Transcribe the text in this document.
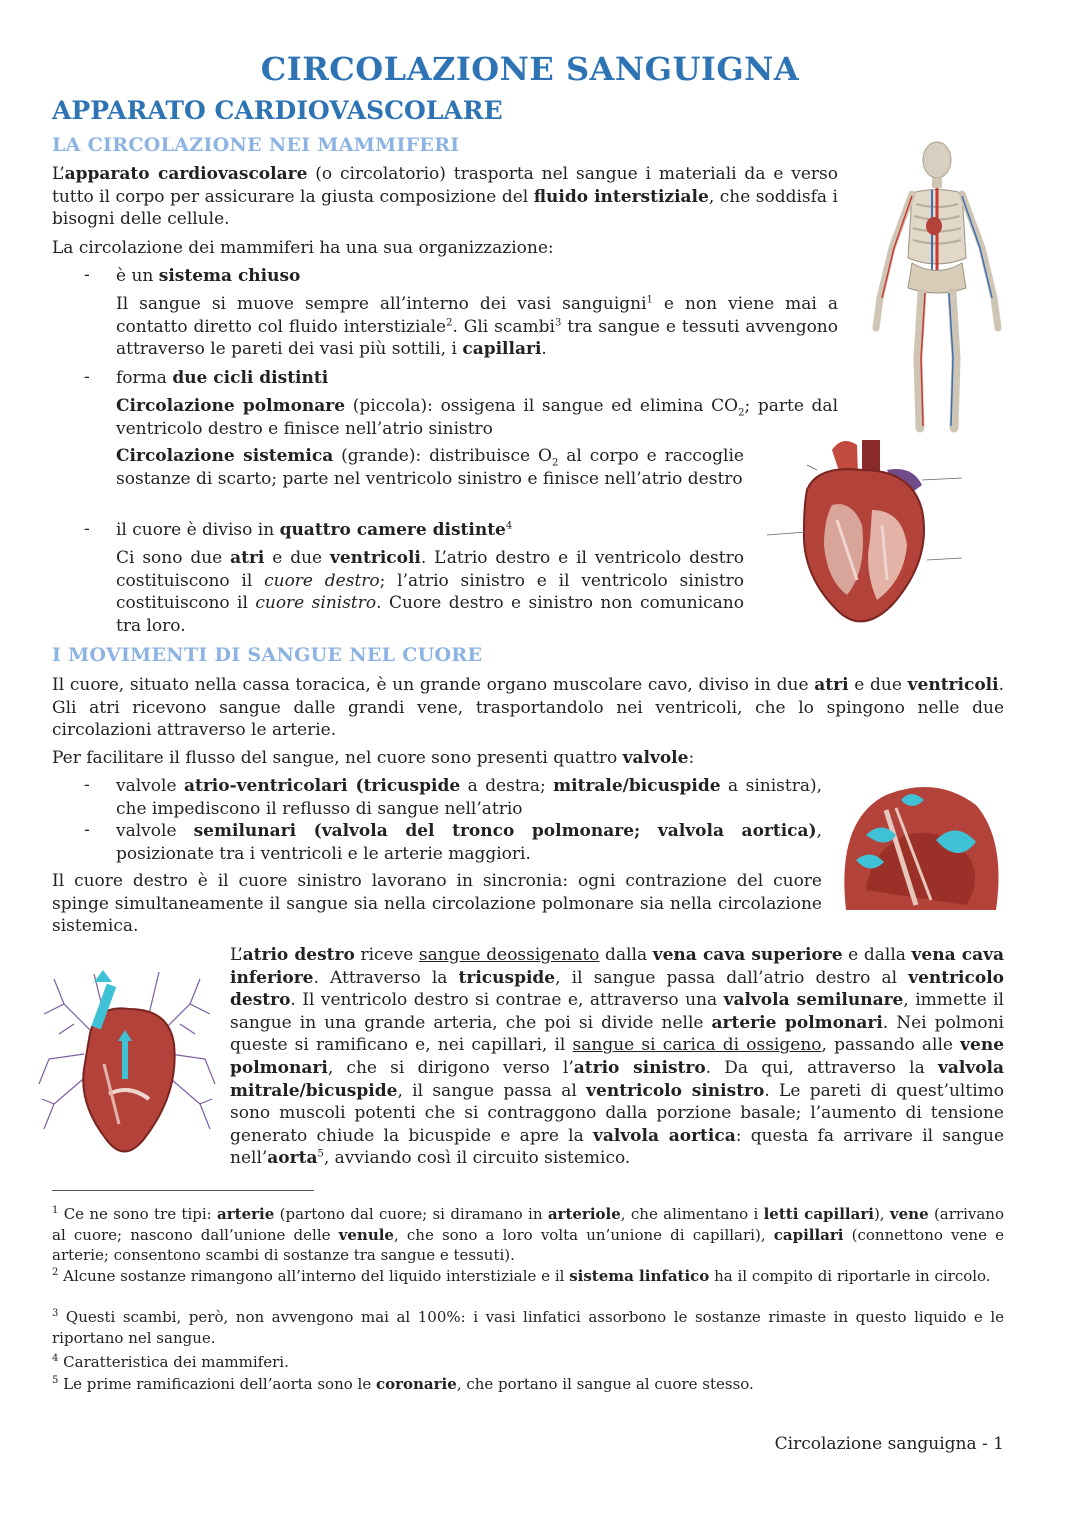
CIRCOLAZIONE SANGUIGNA
APPARATO CARDIOVASCOLARE
LA CIRCOLAZIONE NEI MAMMIFERI
L’apparato cardiovascolare (o circolatorio) trasporta nel sangue i materiali da e verso tutto il corpo per assicurare la giusta composizione del fluido interstiziale, che soddisfa i bisogni delle cellule.
La circolazione dei mammiferi ha una sua organizzazione:
- è un sistema chiuso
Il sangue si muove sempre all’interno dei vasi sanguigni$^1$ e non viene mai a contatto diretto col fluido interstiziale$^2$. Gli scambi$^3$ tra sangue e tessuti avvengono attraverso le pareti dei vasi più sottili, i capillari.
- forma due cicli distinti
Circolazione polmonare (piccola): ossigena il sangue ed elimina $CO_2$; parte dal ventricolo destro e finisce nell’atrio sinistro
Circolazione sistemica (grande): distribuisce $O_2$ al corpo e raccoglie sostanze di scarto; parte nel ventricolo sinistro e finisce nell’atrio destro
- il cuore è diviso in quattro camere distinte$^4$
Ci sono due atri e due ventricoli. L’atrio destro e il ventricolo destro costituiscono il cuore destro; l’atrio sinistro e il ventricolo sinistro costituiscono il cuore sinistro. Cuore destro e sinistro non comunicano tra loro.
I MOVIMENTI DI SANGUE NEL CUORE
Il cuore, situato nella cassa toracica, è un grande organo muscolare cavo, diviso in due atri e due ventricoli. Gli atri ricevono sangue dalle grandi vene, trasportandolo nei ventricoli, che lo spingono nelle due circolazioni attraverso le arterie.
Per facilitare il flusso del sangue, nel cuore sono presenti quattro valvole:
- valvole atrio-ventricolari (tricuspide a destra; mitrale/bicuspide a sinistra), che impediscono il reflusso di sangue nell’atrio
- valvole semilunari (valvola del tronco polmonare; valvola aortica), posizionate tra i ventricoli e le arterie maggiori.
Il cuore destro è il cuore sinistro lavorano in sincronia: ogni contrazione del cuore spinge simultaneamente il sangue sia nella circolazione polmonare sia nella circolazione sistemica.
L’atrio destro riceve sangue deossigenato dalla vena cava superiore e dalla vena cava inferiore. Attraverso la tricuspide, il sangue passa dall’atrio destro al ventricolo destro. Il ventricolo destro si contrae e, attraverso una valvola semilunare, immette il sangue in una grande arteria, che poi si divide nelle arterie polmonari. Nei polmoni queste si ramificano e, nei capillari, il sangue si carica di ossigeno, passando alle vene polmonari, che si dirigono verso l’atrio sinistro. Da qui, attraverso la valvola mitrale/bicuspide, il sangue passa al ventricolo sinistro. Le pareti di quest’ultimo sono muscoli potenti che si contraggono dalla porzione basale; l’aumento di tensione generato chiude la bicuspide e apre la valvola aortica: questa fa arrivare il sangue nell’aorta$^5$, avviando così il circuito sistemico.
$^1$ Ce ne sono tre tipi: arterie (partono dal cuore; si diramano in arteriole, che alimentano i letti capillari), vene (arrivano al cuore; nascono dall’unione delle venule, che sono a loro volta un’unione di capillari), capillari (connettono vene e arterie; consentono scambi di sostanze tra sangue e tessuti).
$^2$ Alcune sostanze rimangono all’interno del liquido interstiziale e il sistema linfatico ha il compito di riportarle in circolo.
$^3$ Questi scambi, però, non avvengono mai al 100%: i vasi linfatici assorbono le sostanze rimaste in questo liquido e le riportano nel sangue.
$^4$ Caratteristica dei mammiferi.
$^5$ Le prime ramificazioni dell’aorta sono le coronarie, che portano il sangue al cuore stesso.
Circolazione sanguigna - 1
